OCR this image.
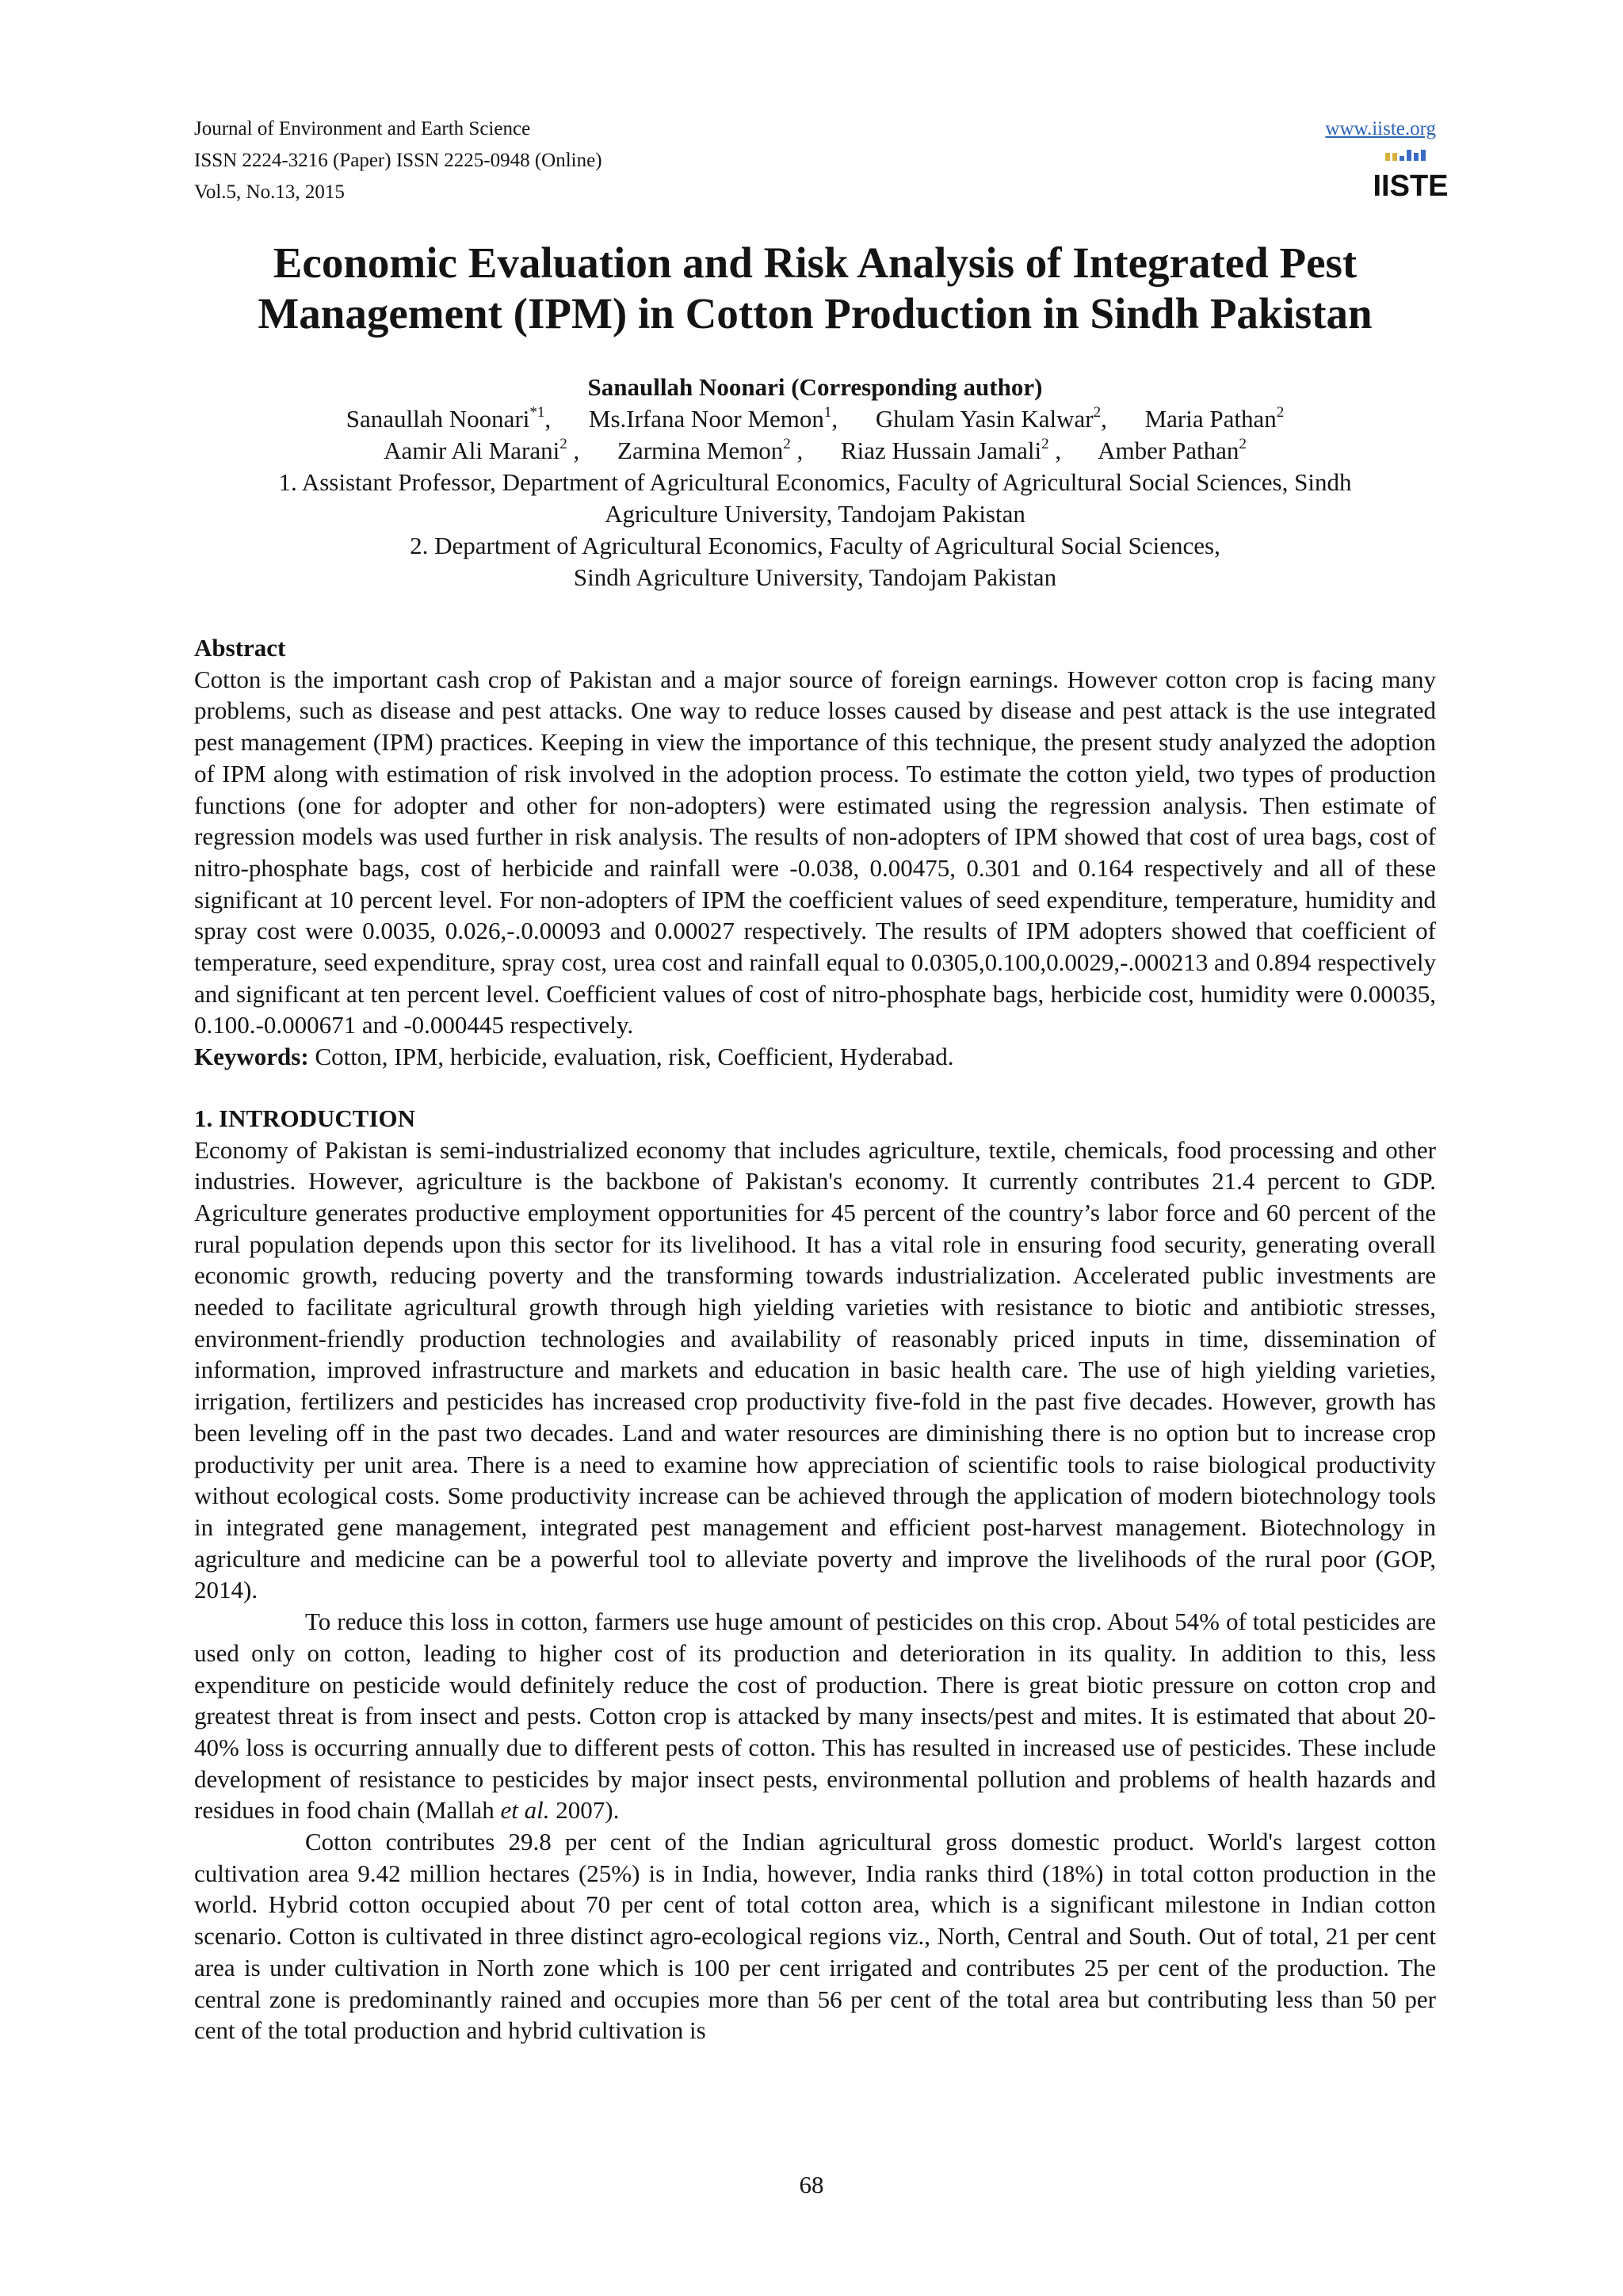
Journal of Environment and Earth Science
ISSN 2224-3216 (Paper) ISSN 2225-0948 (Online)
Vol.5, No.13, 2015
www.iiste.org
IISTE
Economic Evaluation and Risk Analysis of Integrated Pest Management (IPM) in Cotton Production in Sindh Pakistan
Sanaullah Noonari (Corresponding author)
Sanaullah Noonari$^{*1}$, Ms.Irfana Noor Memon$^1$, Ghulam Yasin Kalwar$^2$, Maria Pathan$^2$
Aamir Ali Marani$^2$ , Zarmina Memon$^2$ , Riaz Hussain Jamali$^2$ , Amber Pathan$^2$
1. Assistant Professor, Department of Agricultural Economics, Faculty of Agricultural Social Sciences, Sindh
Agriculture University, Tandojam Pakistan
2. Department of Agricultural Economics, Faculty of Agricultural Social Sciences,
Sindh Agriculture University, Tandojam Pakistan
Abstract

Cotton is the important cash crop of Pakistan and a major source of foreign earnings. However cotton crop is facing many problems, such as disease and pest attacks. One way to reduce losses caused by disease and pest attack is the use integrated pest management (IPM) practices. Keeping in view the importance of this technique, the present study analyzed the adoption of IPM along with estimation of risk involved in the adoption process. To estimate the cotton yield, two types of production functions (one for adopter and other for non-adopters) were estimated using the regression analysis. Then estimate of regression models was used further in risk analysis. The results of non-adopters of IPM showed that cost of urea bags, cost of nitro-phosphate bags, cost of herbicide and rainfall were -0.038, 0.00475, 0.301 and 0.164 respectively and all of these significant at 10 percent level. For non-adopters of IPM the coefficient values of seed expenditure, temperature, humidity and spray cost were 0.0035, 0.026,-.0.00093 and 0.00027 respectively. The results of IPM adopters showed that coefficient of temperature, seed expenditure, spray cost, urea cost and rainfall equal to 0.0305,0.100,0.0029,-.000213 and 0.894 respectively and significant at ten percent level. Coefficient values of cost of nitro-phosphate bags, herbicide cost, humidity were 0.00035, 0.100.-0.000671 and -0.000445 respectively.

Keywords: Cotton, IPM, herbicide, evaluation, risk, Coefficient, Hyderabad.

1. INTRODUCTION

Economy of Pakistan is semi-industrialized economy that includes agriculture, textile, chemicals, food processing and other industries. However, agriculture is the backbone of Pakistan's economy. It currently contributes 21.4 percent to GDP. Agriculture generates productive employment opportunities for 45 percent of the country’s labor force and 60 percent of the rural population depends upon this sector for its livelihood. It has a vital role in ensuring food security, generating overall economic growth, reducing poverty and the transforming towards industrialization. Accelerated public investments are needed to facilitate agricultural growth through high yielding varieties with resistance to biotic and antibiotic stresses, environment-friendly production technologies and availability of reasonably priced inputs in time, dissemination of information, improved infrastructure and markets and education in basic health care. The use of high yielding varieties, irrigation, fertilizers and pesticides has increased crop productivity five-fold in the past five decades. However, growth has been leveling off in the past two decades. Land and water resources are diminishing there is no option but to increase crop productivity per unit area. There is a need to examine how appreciation of scientific tools to raise biological productivity without ecological costs. Some productivity increase can be achieved through the application of modern biotechnology tools in integrated gene management, integrated pest management and efficient post-harvest management. Biotechnology in agriculture and medicine can be a powerful tool to alleviate poverty and improve the livelihoods of the rural poor (GOP, 2014).

To reduce this loss in cotton, farmers use huge amount of pesticides on this crop. About 54% of total pesticides are used only on cotton, leading to higher cost of its production and deterioration in its quality. In addition to this, less expenditure on pesticide would definitely reduce the cost of production. There is great biotic pressure on cotton crop and greatest threat is from insect and pests. Cotton crop is attacked by many insects/pest and mites. It is estimated that about 20-40% loss is occurring annually due to different pests of cotton. This has resulted in increased use of pesticides. These include development of resistance to pesticides by major insect pests, environmental pollution and problems of health hazards and residues in food chain (Mallah et al. 2007).

Cotton contributes 29.8 per cent of the Indian agricultural gross domestic product. World's largest cotton cultivation area 9.42 million hectares (25%) is in India, however, India ranks third (18%) in total cotton production in the world. Hybrid cotton occupied about 70 per cent of total cotton area, which is a significant milestone in Indian cotton scenario. Cotton is cultivated in three distinct agro-ecological regions viz., North, Central and South. Out of total, 21 per cent area is under cultivation in North zone which is 100 per cent irrigated and contributes 25 per cent of the production. The central zone is predominantly rained and occupies more than 56 per cent of the total area but contributing less than 50 per cent of the total production and hybrid cultivation is

68
